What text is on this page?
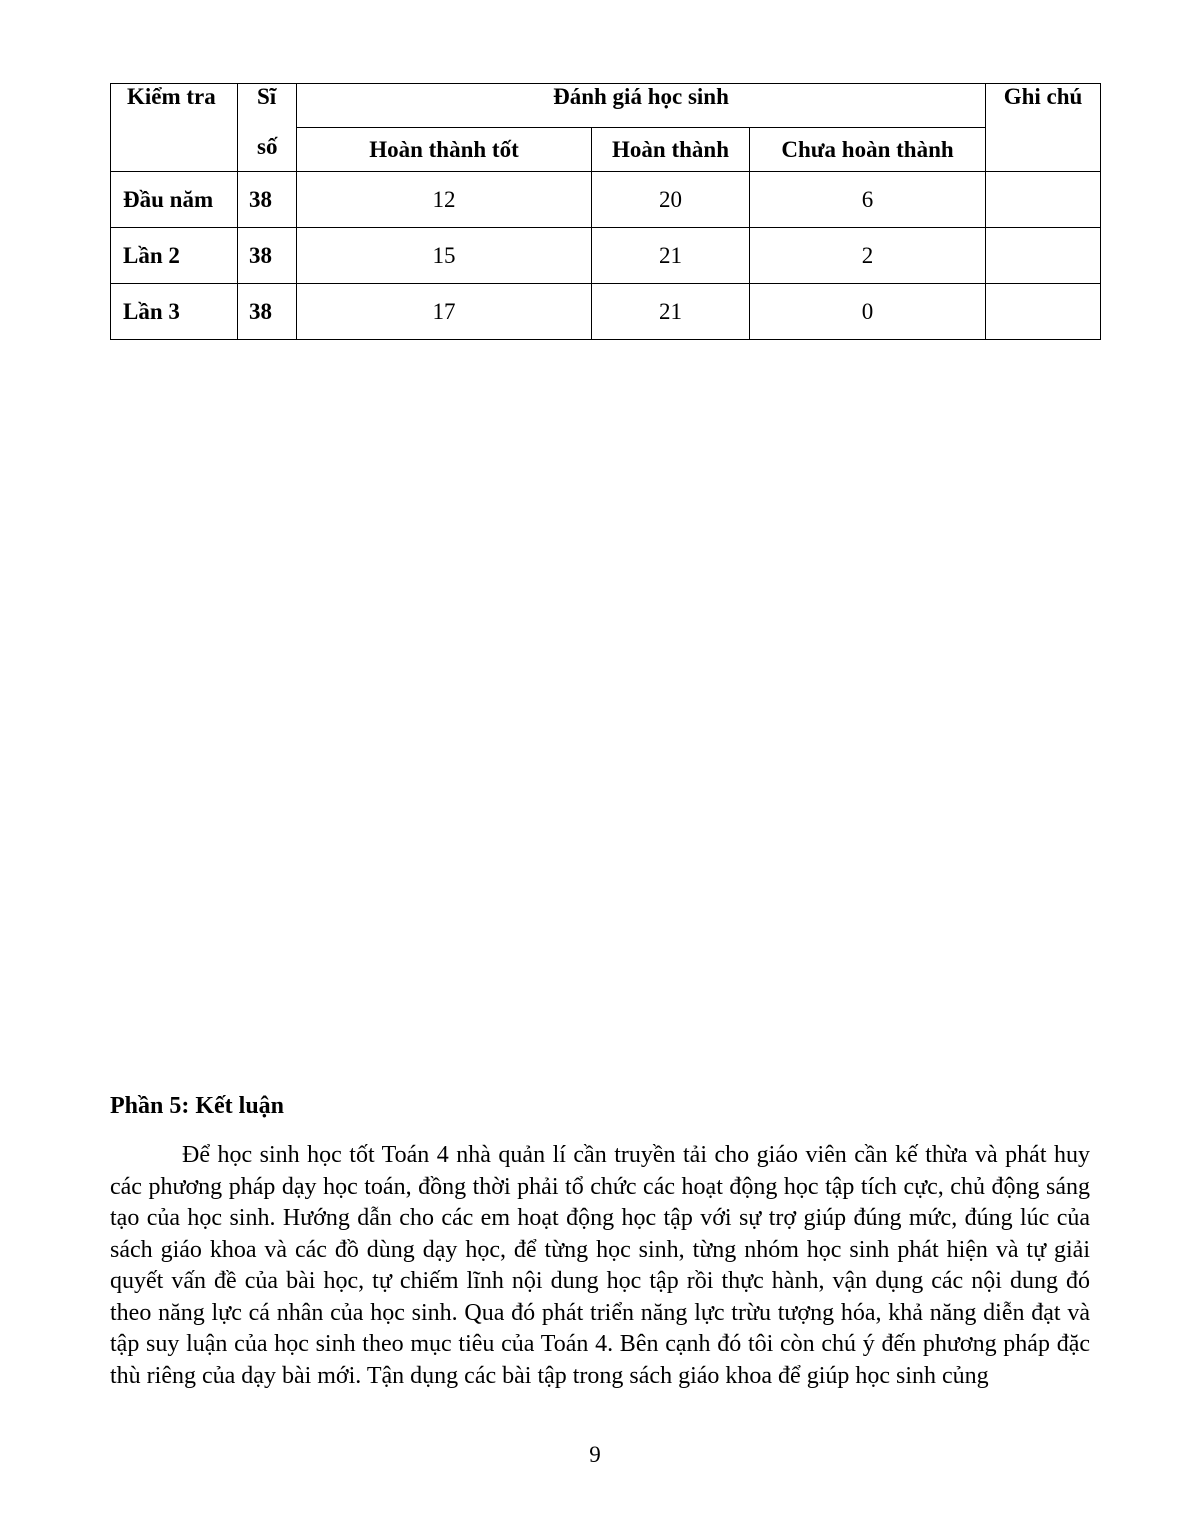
Kiểm tra	Sĩ	Đánh giá học sinh			Ghi chú
	số	Hoàn thành tốt	Hoàn thành	Chưa hoàn thành	
Đầu năm	38	12	20	6	
Lần 2	38	15	21	2	
Lần 3	38	17	21	0	
Phần 5: Kết luận

Để học sinh học tốt Toán 4 nhà quản lí cần truyền tải cho giáo viên cần kế thừa và phát huy các phương pháp dạy học toán, đồng thời phải tổ chức các hoạt động học tập tích cực, chủ động sáng tạo của học sinh. Hướng dẫn cho các em hoạt động học tập với sự trợ giúp đúng mức, đúng lúc của sách giáo khoa và các đồ dùng dạy học, để từng học sinh, từng nhóm học sinh phát hiện và tự giải quyết vấn đề của bài học, tự chiếm lĩnh nội dung học tập rồi thực hành, vận dụng các nội dung đó theo năng lực cá nhân của học sinh. Qua đó phát triển năng lực trừu tượng hóa, khả năng diễn đạt và tập suy luận của học sinh theo mục tiêu của Toán 4. Bên cạnh đó tôi còn chú ý đến phương pháp đặc thù riêng của dạy bài mới. Tận dụng các bài tập trong sách giáo khoa để giúp học sinh củng

9
